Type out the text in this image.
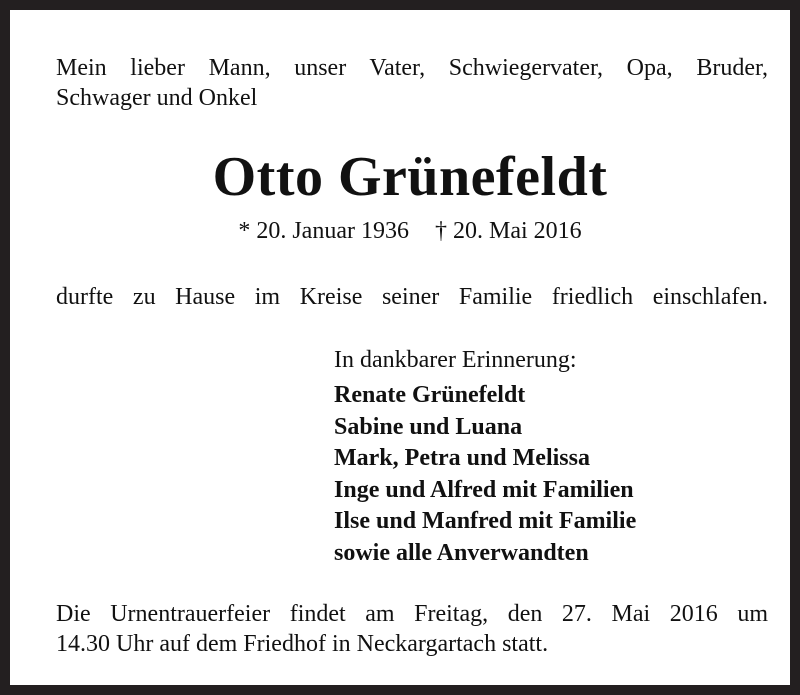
Mein lieber Mann, unser Vater, Schwiegervater, Opa, Bruder,
Schwager und Onkel
Otto Grünefeldt
* 20. Januar 1936 † 20. Mai 2016
durfte zu Hause im Kreise seiner Familie friedlich einschlafen.
In dankbarer Erinnerung:
Renate Grünefeldt
Sabine und Luana
Mark, Petra und Melissa
Inge und Alfred mit Familien
Ilse und Manfred mit Familie
sowie alle Anverwandten
Die Urnentrauerfeier findet am Freitag, den 27. Mai 2016 um
14.30 Uhr auf dem Friedhof in Neckargartach statt.
